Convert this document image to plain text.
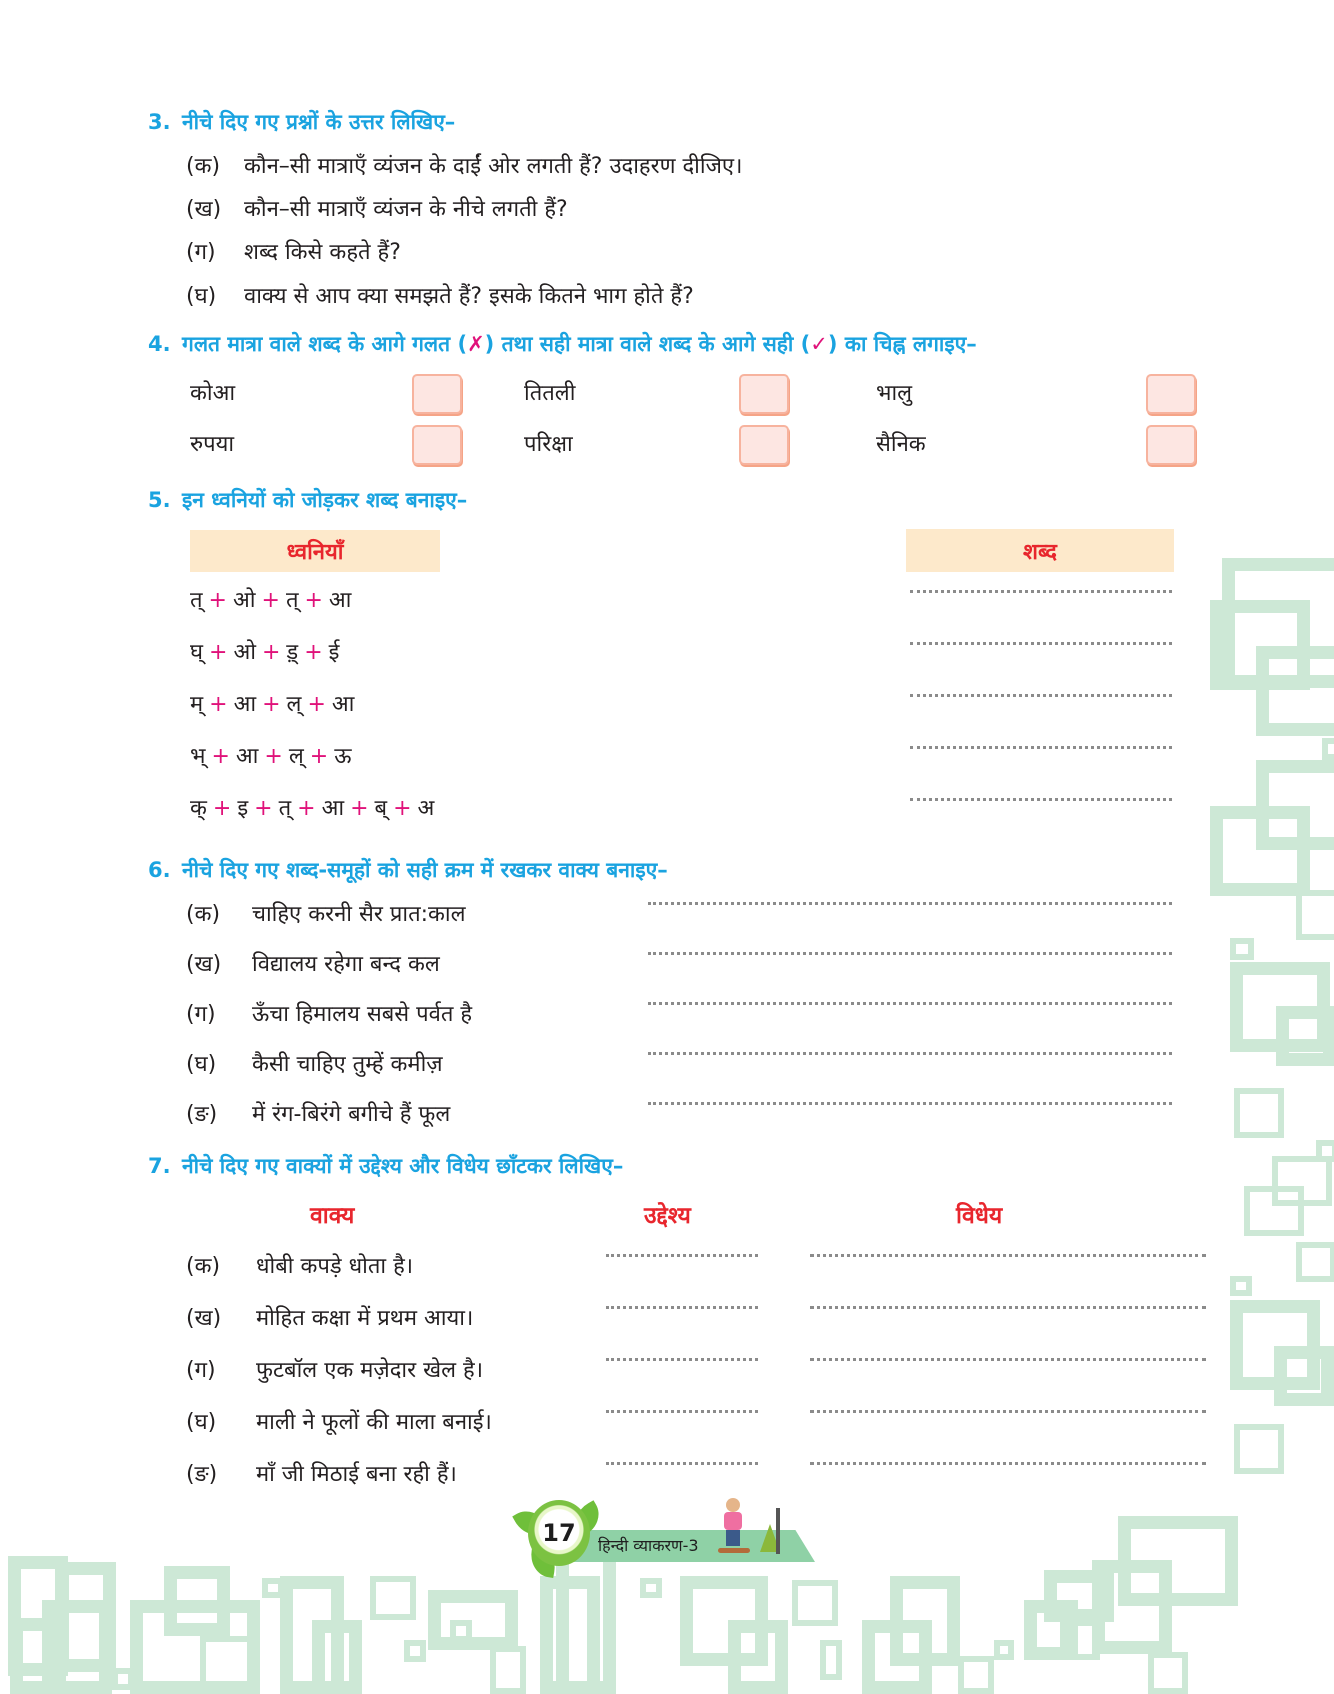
3. नीचे दिए गए प्रश्नों के उत्तर लिखिए–
(क) कौन–सी मात्राएँ व्यंजन के दाईं ओर लगती हैं? उदाहरण दीजिए।
(ख) कौन–सी मात्राएँ व्यंजन के नीचे लगती हैं?
(ग) शब्द किसे कहते हैं?
(घ) वाक्य से आप क्या समझते हैं? इसके कितने भाग होते हैं?
4. गलत मात्रा वाले शब्द के आगे गलत (✗) तथा सही मात्रा वाले शब्द के आगे सही (✓) का चिह्न लगाइए–
कोआ	तितली	भालु
रुपया	परिक्षा	सैनिक
5. इन ध्वनियों को जोड़कर शब्द बनाइए–
ध्वनियाँ	शब्द
त् + ओ + त् + आ
घ् + ओ + ड़् + ई
म् + आ + ल् + आ
भ् + आ + ल् + ऊ
क् + इ + त् + आ + ब् + अ
6. नीचे दिए गए शब्द-समूहों को सही क्रम में रखकर वाक्य बनाइए–
(क) चाहिए करनी सैर प्रात:काल
(ख) विद्यालय रहेगा बन्द कल
(ग) ऊँचा हिमालय सबसे पर्वत है
(घ) कैसी चाहिए तुम्हें कमीज़
(ङ) में रंग-बिरंगे बगीचे हैं फूल
7. नीचे दिए गए वाक्यों में उद्देश्य और विधेय छाँटकर लिखिए–
वाक्य	उद्देश्य	विधेय
(क) धोबी कपड़े धोता है।
(ख) मोहित कक्षा में प्रथम आया।
(ग) फुटबॉल एक मज़ेदार खेल है।
(घ) माली ने फूलों की माला बनाई।
(ङ) माँ जी मिठाई बना रही हैं।
17 हिन्दी व्याकरण-3
